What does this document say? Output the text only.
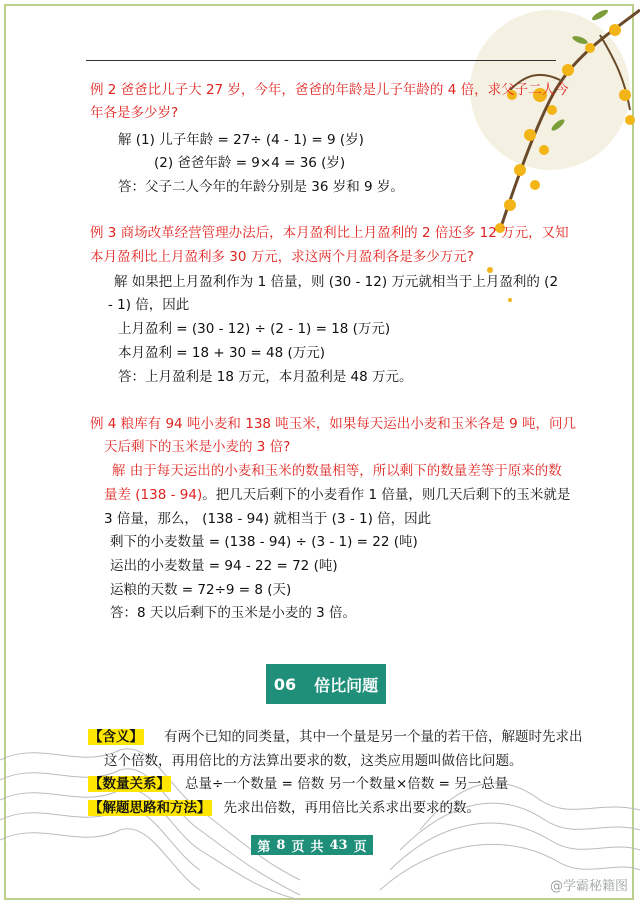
例 2 爸爸比儿子大 27 岁，今年，爸爸的年龄是儿子年龄的 4 倍，求父子二人今
年各是多少岁?
解 (1) 儿子年龄 = 27÷ (4 - 1) = 9 (岁)
(2) 爸爸年龄 = 9×4 = 36 (岁)
答：父子二人今年的年龄分别是 36 岁和 9 岁。
例 3 商场改革经营管理办法后，本月盈利比上月盈利的 2 倍还多 12 万元，又知
本月盈利比上月盈利多 30 万元，求这两个月盈利各是多少万元?
解 如果把上月盈利作为 1 倍量，则 (30 - 12) 万元就相当于上月盈利的 (2
- 1) 倍，因此
上月盈利 = (30 - 12) ÷ (2 - 1) = 18 (万元)
本月盈利 = 18 + 30 = 48 (万元)
答：上月盈利是 18 万元，本月盈利是 48 万元。
例 4 粮库有 94 吨小麦和 138 吨玉米，如果每天运出小麦和玉米各是 9 吨，问几
天后剩下的玉米是小麦的 3 倍?
解 由于每天运出的小麦和玉米的数量相等，所以剩下的数量差等于原来的数
量差 (138 - 94)。把几天后剩下的小麦看作 1 倍量，则几天后剩下的玉米就是
3 倍量，那么， (138 - 94) 就相当于 (3 - 1) 倍，因此
剩下的小麦数量 = (138 - 94) ÷ (3 - 1) = 22 (吨)
运出的小麦数量 = 94 - 22 = 72 (吨)
运粮的天数 = 72÷9 = 8 (天)
答：8 天以后剩下的玉米是小麦的 3 倍。
06 倍比问题
【含义】 有两个已知的同类量，其中一个量是另一个量的若干倍，解题时先求出
这个倍数，再用倍比的方法算出要求的数，这类应用题叫做倍比问题。
【数量关系】 总量÷一个数量 = 倍数 另一个数量×倍数 = 另一总量
【解题思路和方法】 先求出倍数，再用倍比关系求出要求的数。
第 8 页 共 43 页
@学霸秘籍图
